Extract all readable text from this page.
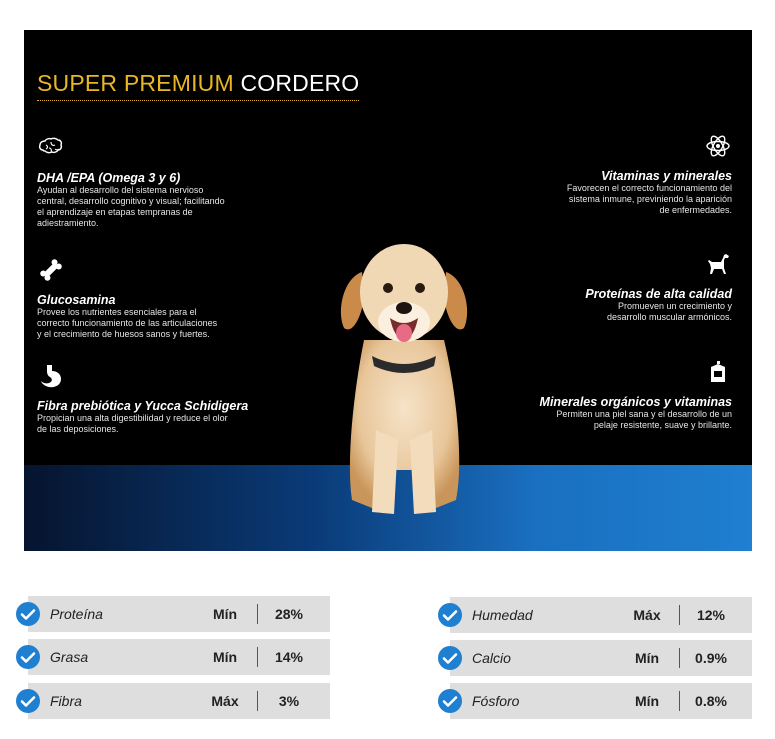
SUPER PREMIUM CORDERO
DHA /EPA (Omega 3 y 6)
Ayudan al desarrollo del sistema nervioso
central, desarrollo cognitivo y visual; facilitando
el aprendizaje en etapas tempranas de
adiestramiento.
Glucosamina
Provee los nutrientes esenciales para el
correcto funcionamiento de las articulaciones
y el crecimiento de huesos sanos y fuertes.
Fibra prebiótica y Yucca Schidigera
Propician una alta digestibilidad y reduce el olor
de las deposiciones.
Vitaminas y minerales
Favorecen el correcto funcionamiento del
sistema inmune, previniendo la aparición
de enfermedades.
Proteínas de alta calidad
Promueven un crecimiento y
desarrollo muscular armónicos.
Minerales orgánicos y vitaminas
Permiten una piel sana y el desarrollo de un
pelaje resistente, suave y brillante.
Proteína	Mín	28%
Grasa	Mín	14%
Fibra	Máx	3%
Humedad	Máx	12%
Calcio	Mín	0.9%
Fósforo	Mín	0.8%
